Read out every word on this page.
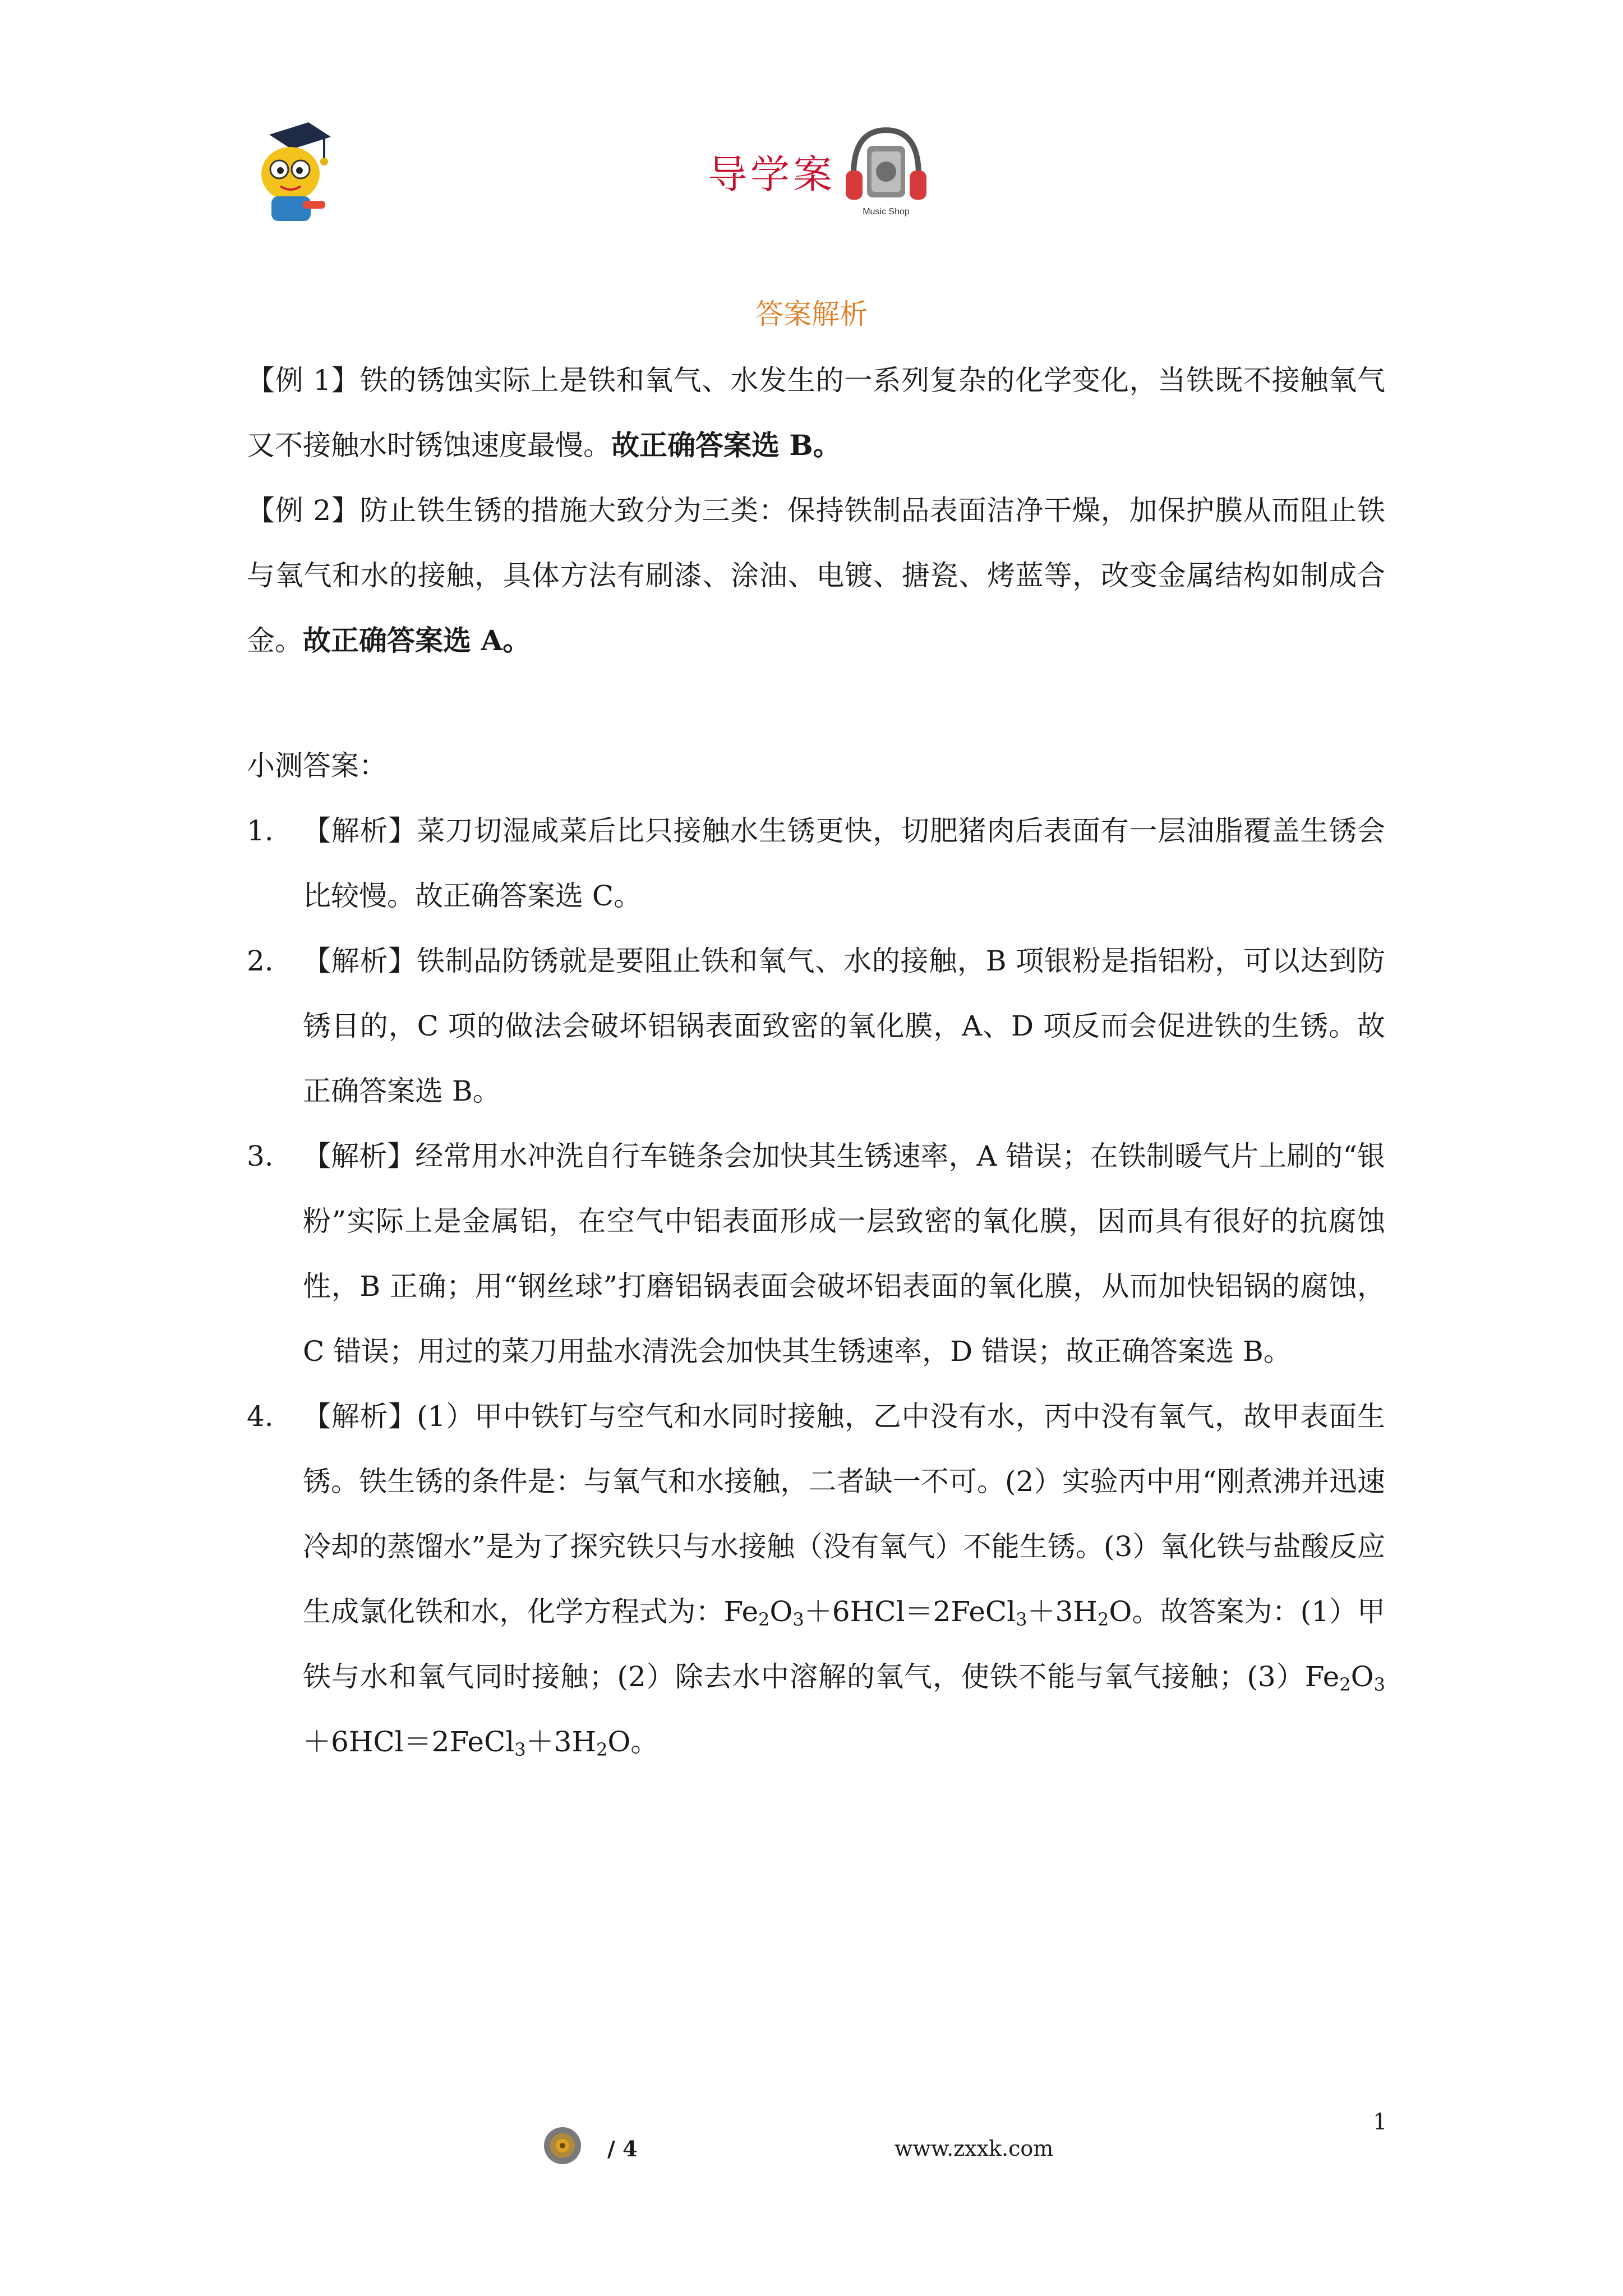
导学案
Music Shop
答案解析
【例 1】铁的锈蚀实际上是铁和氧气、水发生的一系列复杂的化学变化，当铁既不接触氧气又不接触水时锈蚀速度最慢。故正确答案选 B。
【例 2】防止铁生锈的措施大致分为三类：保持铁制品表面洁净干燥，加保护膜从而阻止铁与氧气和水的接触，具体方法有刷漆、涂油、电镀、搪瓷、烤蓝等，改变金属结构如制成合金。故正确答案选 A。
小测答案：
1.	【解析】菜刀切湿咸菜后比只接触水生锈更快，切肥猪肉后表面有一层油脂覆盖生锈会比较慢。故正确答案选 C。
2.	【解析】铁制品防锈就是要阻止铁和氧气、水的接触，B 项银粉是指铝粉，可以达到防锈目的，C 项的做法会破坏铝锅表面致密的氧化膜，A、D 项反而会促进铁的生锈。故正确答案选 B。
3.	【解析】经常用水冲洗自行车链条会加快其生锈速率，A 错误；在铁制暖气片上刷的“银粉”实际上是金属铝，在空气中铝表面形成一层致密的氧化膜，因而具有很好的抗腐蚀性，B 正确；用“钢丝球”打磨铝锅表面会破坏铝表面的氧化膜，从而加快铝锅的腐蚀，C 错误；用过的菜刀用盐水清洗会加快其生锈速率，D 错误；故正确答案选 B。
4.	【解析】(1）甲中铁钉与空气和水同时接触，乙中没有水，丙中没有氧气，故甲表面生锈。铁生锈的条件是：与氧气和水接触，二者缺一不可。(2）实验丙中用“刚煮沸并迅速冷却的蒸馏水”是为了探究铁只与水接触（没有氧气）不能生锈。(3）氧化铁与盐酸反应生成氯化铁和水，化学方程式为：$Fe_2O_3+6HCl=2FeCl_3+3H_2O$。故答案为：(1）甲铁与水和氧气同时接触；(2）除去水中溶解的氧气，使铁不能与氧气接触；$(3)Fe_2O_3+6HCl=2FeCl_3+3H_2O$。
/ 4	www.zxxk.com
1
